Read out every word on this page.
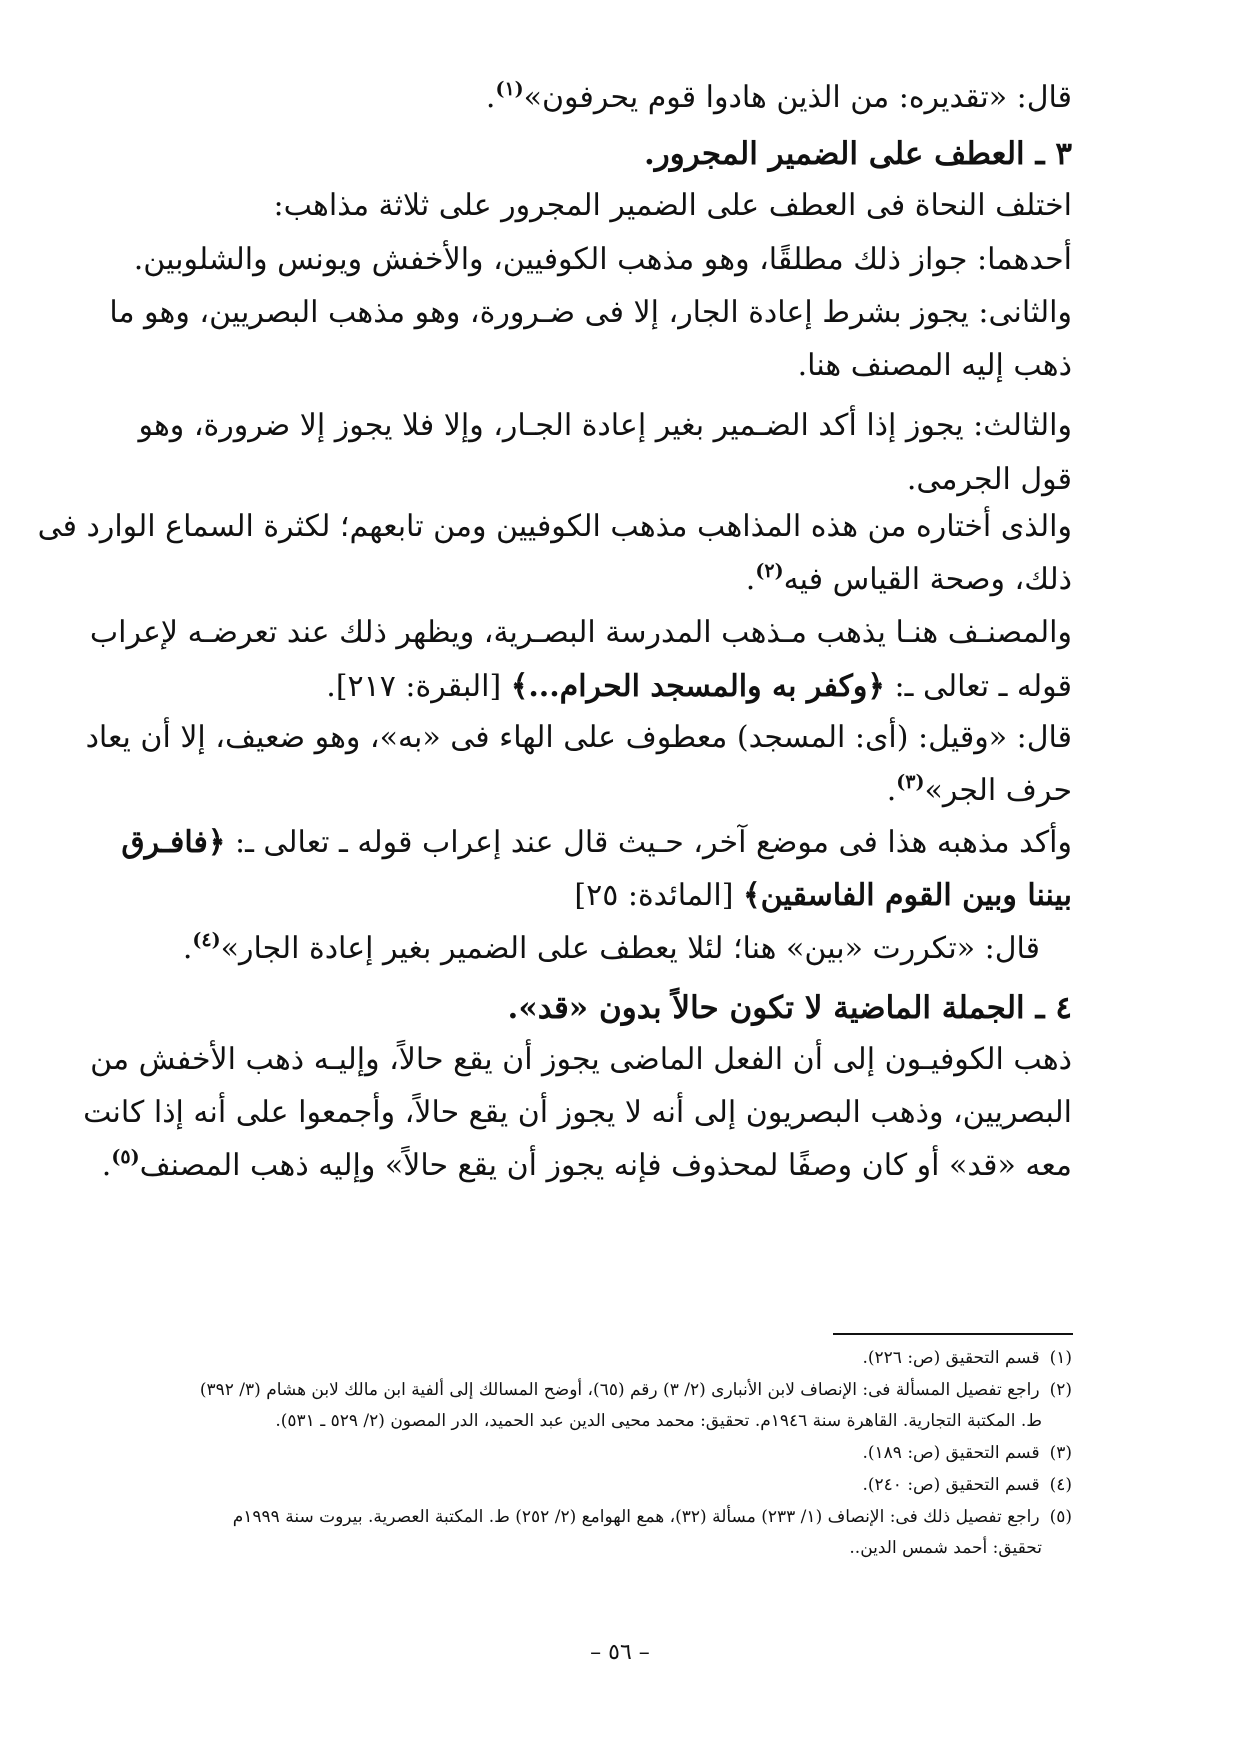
قال: «تقديره: من الذين هادوا قوم يحرفون»$^{(١)}$.
٣ ـ العطف على الضمير المجرور.
اختلف النحاة فى العطف على الضمير المجرور على ثلاثة مذاهب:
أحدهما: جواز ذلك مطلقًا، وهو مذهب الكوفيين، والأخفش ويونس والشلوبين.
والثانى: يجوز بشرط إعادة الجار، إلا فى ضـرورة، وهو مذهب البصريين، وهو ما
ذهب إليه المصنف هنا.
والثالث: يجوز إذا أكد الضـمير بغير إعادة الجـار، وإلا فلا يجوز إلا ضرورة، وهو
قول الجرمى.
والذى أختاره من هذه المذاهب مذهب الكوفيين ومن تابعهم؛ لكثرة السماع الوارد فى
ذلك، وصحة القياس فيه$^{(٢)}$.
والمصنـف هنـا يذهب مـذهب المدرسة البصـرية، ويظهر ذلك عند تعرضـه لإعراب
قوله ـ تعالى ـ: ﴿وكفر به والمسجد الحرام...﴾ [البقرة: ٢١٧].
قال: «وقيل: (أى: المسجد) معطوف على الهاء فى «به»، وهو ضعيف، إلا أن يعاد
حرف الجر»$^{(٣)}$.
وأكد مذهبه هذا فى موضع آخر، حـيث قال عند إعراب قوله ـ تعالى ـ: ﴿فافـرق
بيننا وبين القوم الفاسقين﴾ [المائدة: ٢٥]
قال: «تكررت «بين» هنا؛ لئلا يعطف على الضمير بغير إعادة الجار»$^{(٤)}$.
٤ ـ الجملة الماضية لا تكون حالاً بدون «قد».
ذهب الكوفيـون إلى أن الفعل الماضى يجوز أن يقع حالاً، وإليـه ذهب الأخفش من
البصريين، وذهب البصريون إلى أنه لا يجوز أن يقع حالاً، وأجمعوا على أنه إذا كانت
معه «قد» أو كان وصفًا لمحذوف فإنه يجوز أن يقع حالاً» وإليه ذهب المصنف$^{(٥)}$.
(١)قسم التحقيق (ص: ٢٢٦).
(٢)راجع تفصيل المسألة فى: الإنصاف لابن الأنبارى (٢/ ٣) رقم (٦٥)، أوضح المسالك إلى ألفية ابن مالك لابن هشام (٣/ ٣٩٢)
ط. المكتبة التجارية. القاهرة سنة ١٩٤٦م. تحقيق: محمد محيى الدين عبد الحميد، الدر المصون (٢/ ٥٢٩ ـ ٥٣١).
(٣)قسم التحقيق (ص: ١٨٩).
(٤)قسم التحقيق (ص: ٢٤٠).
(٥)راجع تفصيل ذلك فى: الإنصاف (١/ ٢٣٣) مسألة (٣٢)، همع الهوامع (٢/ ٢٥٢) ط. المكتبة العصرية. بيروت سنة ١٩٩٩م
تحقيق: أحمد شمس الدين..
– ٥٦ –
